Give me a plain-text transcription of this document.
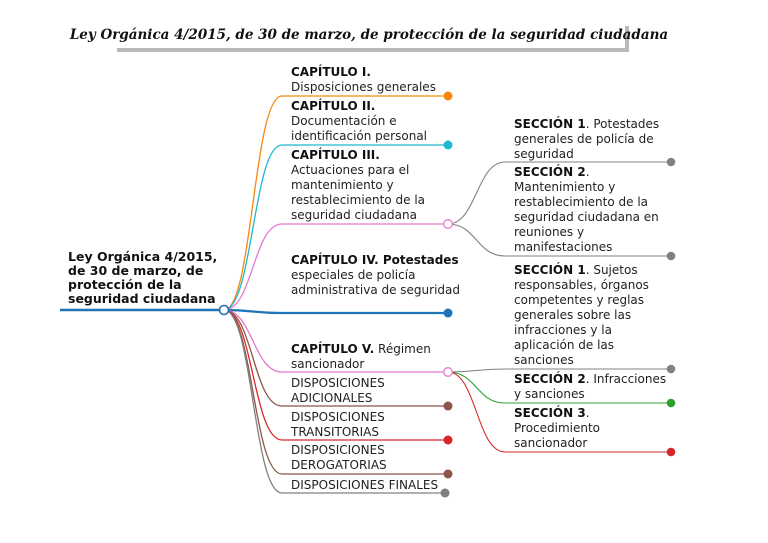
Ley Orgánica 4/2015, de 30 de marzo, de protección de la seguridad ciudadana
Ley Orgánica 4/2015, de 30 de marzo, de protección de la seguridad ciudadana
CAPÍTULO I. Disposiciones generales
CAPÍTULO II. Documentación e identificación personal
CAPÍTULO III. Actuaciones para el mantenimiento y restablecimiento de la seguridad ciudadana
SECCIÓN 1. Potestades generales de policía de seguridad
SECCIÓN 2. Mantenimiento y restablecimiento de la seguridad ciudadana en reuniones y manifestaciones
CAPÍTULO IV. Potestades especiales de policía administrativa de seguridad
CAPÍTULO V. Régimen sancionador
SECCIÓN 1. Sujetos responsables, órganos competentes y reglas generales sobre las infracciones y la aplicación de las sanciones
SECCIÓN 2. Infracciones y sanciones
SECCIÓN 3. Procedimiento sancionador
DISPOSICIONES ADICIONALES
DISPOSICIONES TRANSITORIAS
DISPOSICIONES DEROGATORIAS
DISPOSICIONES FINALES
